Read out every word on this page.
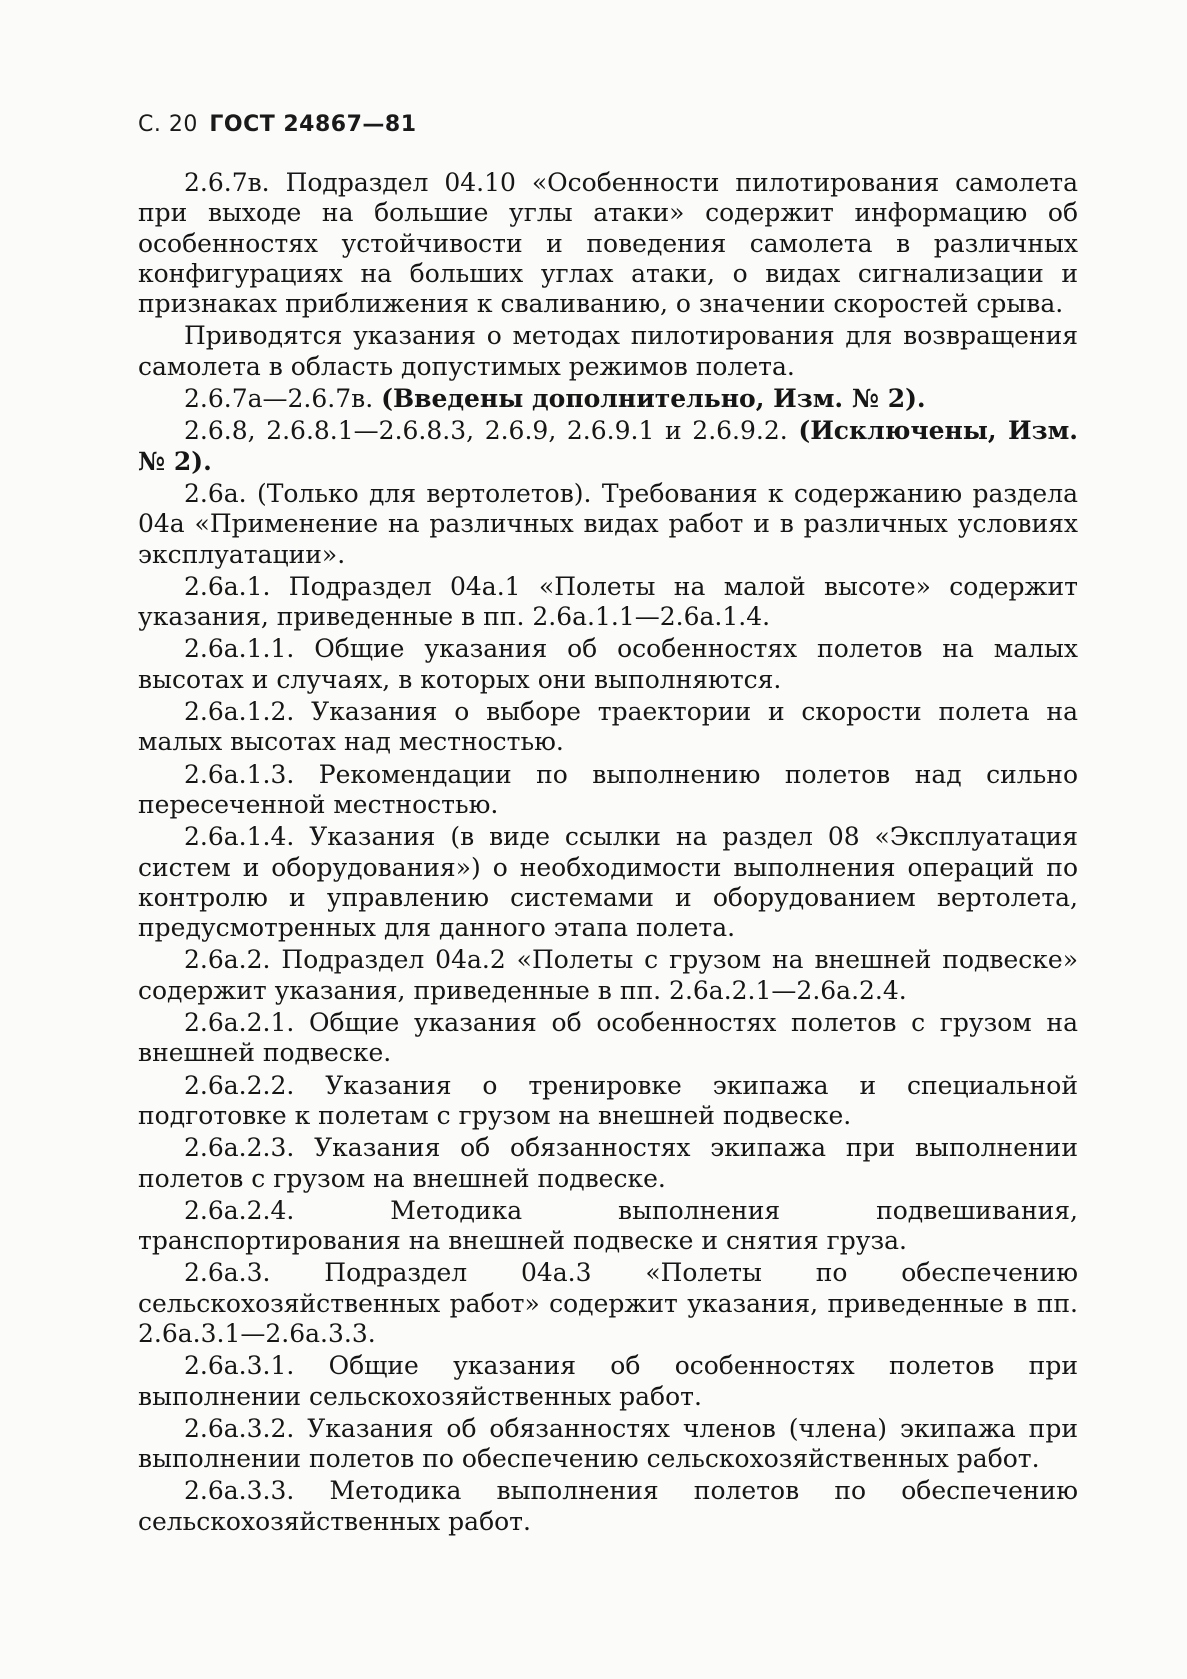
С. 20 ГОСТ 24867—81

2.6.7в. Подраздел 04.10 «Особенности пилотирования самолета при выходе на большие углы атаки» содержит информацию об особенностях устойчивости и поведения самолета в различных конфигурациях на больших углах атаки, о видах сигнализации и признаках приближения к сваливанию, о значении скоростей срыва.

Приводятся указания о методах пилотирования для возвращения самолета в область допустимых режимов полета.

2.6.7а—2.6.7в. (Введены дополнительно, Изм. № 2).

2.6.8, 2.6.8.1—2.6.8.3, 2.6.9, 2.6.9.1 и 2.6.9.2. (Исключены, Изм. № 2).

2.6а. (Только для вертолетов). Требования к содержанию раздела 04а «Применение на различных видах работ и в различных условиях эксплуатации».

2.6а.1. Подраздел 04а.1 «Полеты на малой высоте» содержит указания, приведенные в пп. 2.6а.1.1—2.6а.1.4.

2.6а.1.1. Общие указания об особенностях полетов на малых высотах и случаях, в которых они выполняются.

2.6а.1.2. Указания о выборе траектории и скорости полета на малых высотах над местностью.

2.6а.1.3. Рекомендации по выполнению полетов над сильно пересеченной местностью.

2.6а.1.4. Указания (в виде ссылки на раздел 08 «Эксплуатация систем и оборудования») о необходимости выполнения операций по контролю и управлению системами и оборудованием вертолета, предусмотренных для данного этапа полета.

2.6а.2. Подраздел 04а.2 «Полеты с грузом на внешней подвеске» содержит указания, приведенные в пп. 2.6а.2.1—2.6а.2.4.

2.6а.2.1. Общие указания об особенностях полетов с грузом на внешней подвеске.

2.6а.2.2. Указания о тренировке экипажа и специальной подготовке к полетам с грузом на внешней подвеске.

2.6а.2.3. Указания об обязанностях экипажа при выполнении полетов с грузом на внешней подвеске.

2.6а.2.4. Методика выполнения подвешивания, транспортирования на внешней подвеске и снятия груза.

2.6а.3. Подраздел 04а.3 «Полеты по обеспечению сельскохозяйственных работ» содержит указания, приведенные в пп. 2.6а.3.1—2.6а.3.3.

2.6а.3.1. Общие указания об особенностях полетов при выполнении сельскохозяйственных работ.

2.6а.3.2. Указания об обязанностях членов (члена) экипажа при выполнении полетов по обеспечению сельскохозяйственных работ.

2.6а.3.3. Методика выполнения полетов по обеспечению сельскохозяйственных работ.
